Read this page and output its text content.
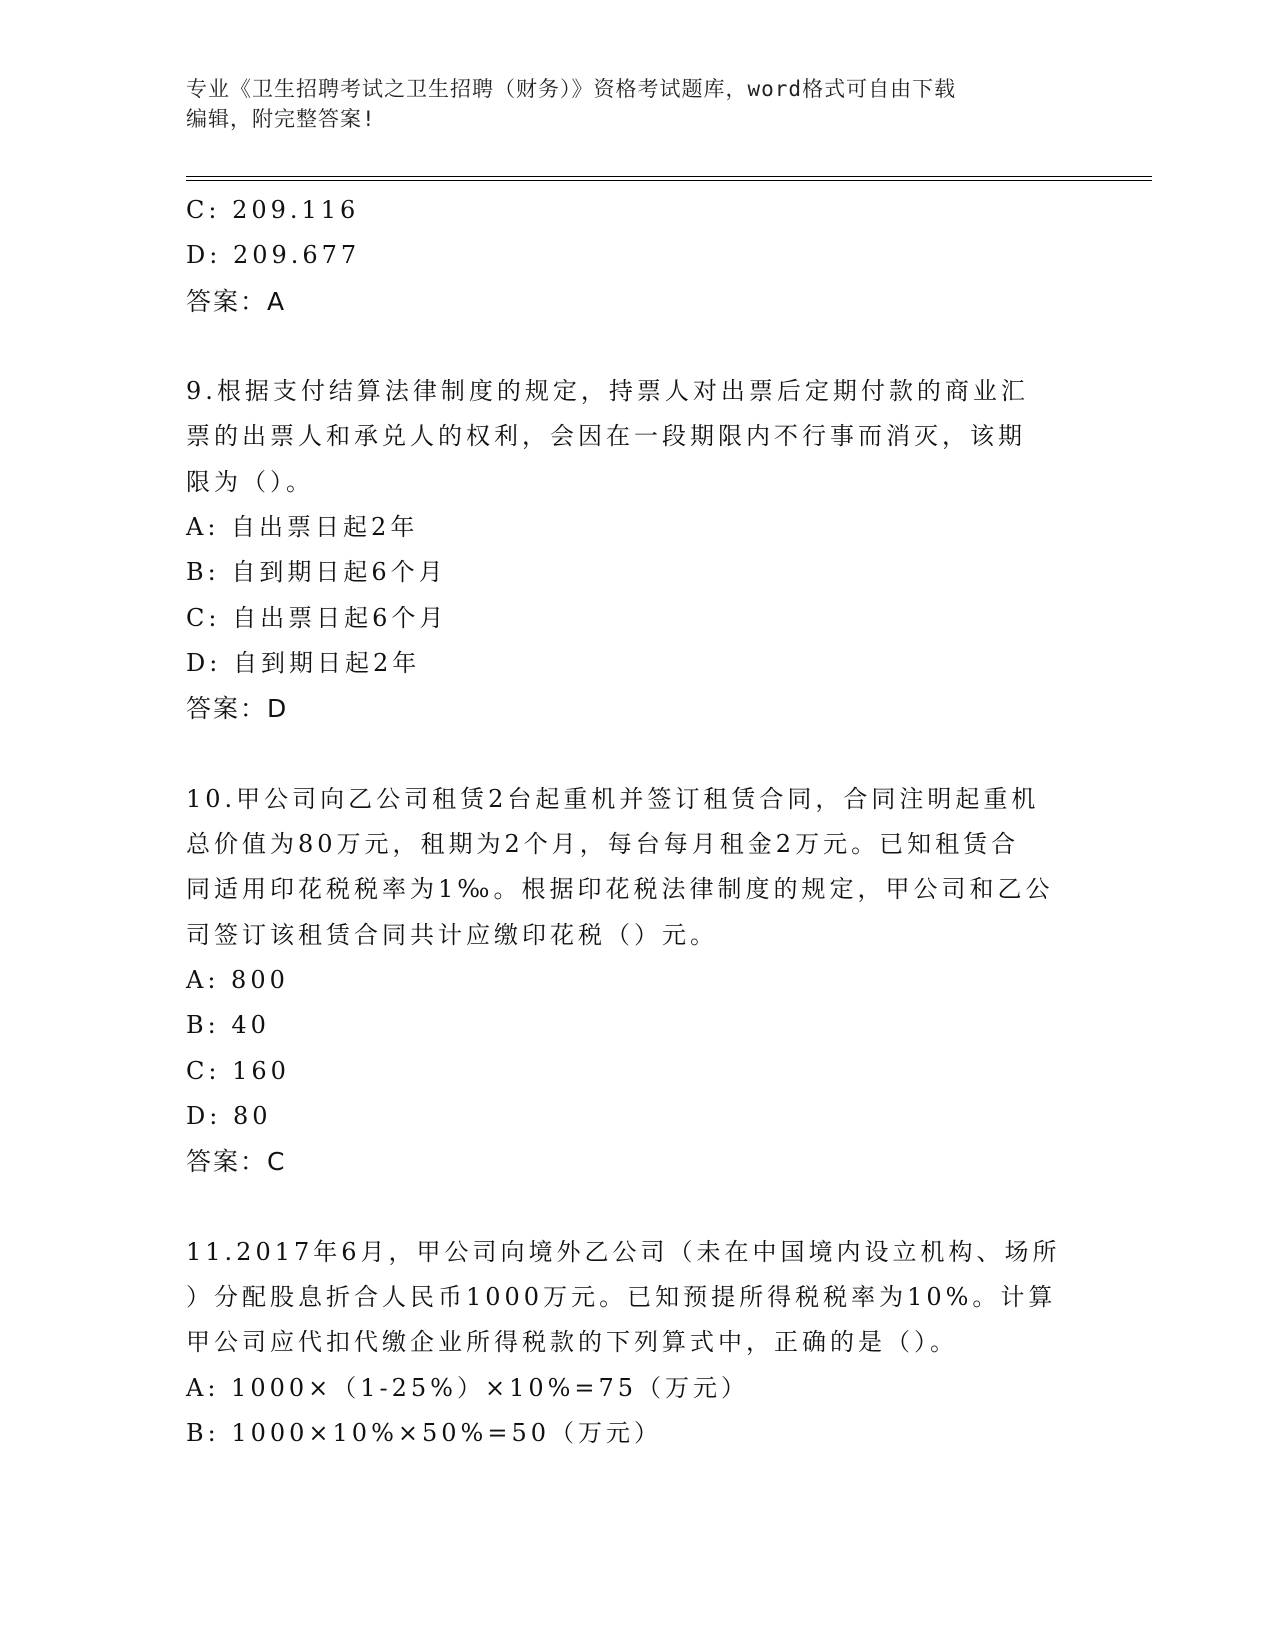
专业《卫生招聘考试之卫生招聘（财务）》资格考试题库，word格式可自由下载
编辑，附完整答案!
C: 209.116
D: 209.677
答案：A
9.根据支付结算法律制度的规定，持票人对出票后定期付款的商业汇
票的出票人和承兑人的权利，会因在一段期限内不行事而消灭，该期
限为（）。
A: 自出票日起2年
B: 自到期日起6个月
C: 自出票日起6个月
D: 自到期日起2年
答案：D
10.甲公司向乙公司租赁2台起重机并签订租赁合同，合同注明起重机
总价值为80万元，租期为2个月，每台每月租金2万元。已知租赁合
同适用印花税税率为1‰。根据印花税法律制度的规定，甲公司和乙公
司签订该租赁合同共计应缴印花税（）元。
A: 800
B: 40
C: 160
D: 80
答案：C
11.2017年6月，甲公司向境外乙公司（未在中国境内设立机构、场所
）分配股息折合人民币1000万元。已知预提所得税税率为10%。计算
甲公司应代扣代缴企业所得税款的下列算式中，正确的是（）。
A: 1000×（1-25%）×10%=75（万元）
B: 1000×10%×50%=50（万元）
